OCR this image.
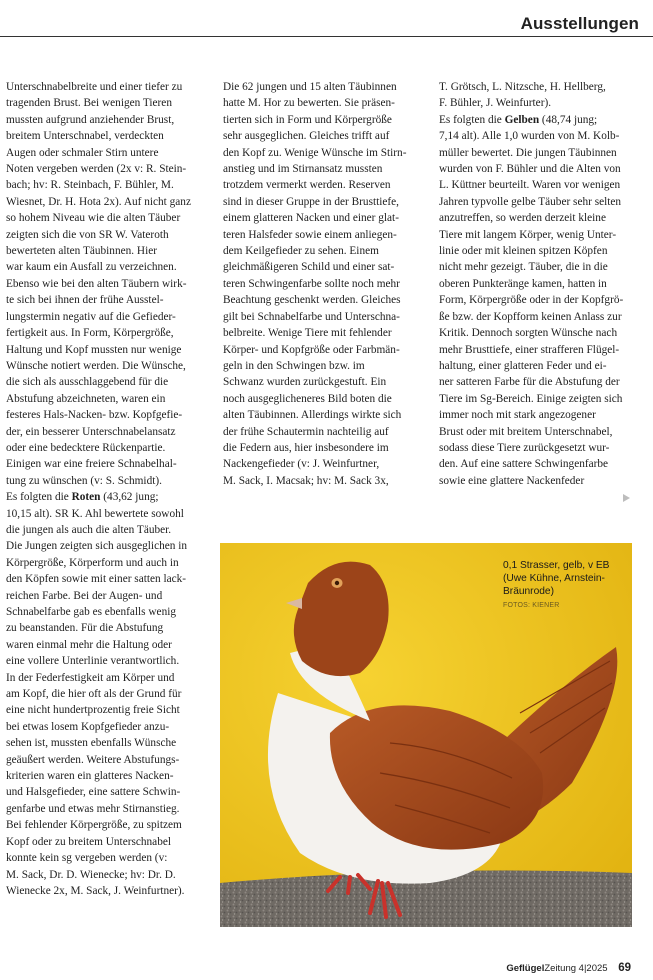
Ausstellungen
Unterschnabelbreite und einer tiefer zu
tragenden Brust. Bei wenigen Tieren
mussten aufgrund anziehender Brust,
breitem Unterschnabel, verdeckten
Augen oder schmaler Stirn untere
Noten vergeben werden (2x v: R. Stein-
bach; hv: R. Steinbach, F. Bühler, M.
Wiesnet, Dr. H. Hota 2x). Auf nicht ganz
so hohem Niveau wie die alten Täuber
zeigten sich die von SR W. Vateroth
bewerteten alten Täubinnen. Hier
war kaum ein Ausfall zu verzeichnen.
Ebenso wie bei den alten Täubern wirk-
te sich bei ihnen der frühe Ausstel-
lungstermin negativ auf die Gefieder-
fertigkeit aus. In Form, Körpergröße,
Haltung und Kopf mussten nur wenige
Wünsche notiert werden. Die Wünsche,
die sich als ausschlaggebend für die
Abstufung abzeichneten, waren ein
festeres Hals-Nacken- bzw. Kopfgefie-
der, ein besserer Unterschnabelansatz
oder eine bedecktere Rückenpartie.
Einigen war eine freiere Schnabelhal-
tung zu wünschen (v: S. Schmidt).
Es folgten die Roten (43,62 jung;
10,15 alt). SR K. Ahl bewertete sowohl
die jungen als auch die alten Täuber.
Die Jungen zeigten sich ausgeglichen in
Körpergröße, Körperform und auch in
den Köpfen sowie mit einer satten lack-
reichen Farbe. Bei der Augen- und
Schnabelfarbe gab es ebenfalls wenig
zu beanstanden. Für die Abstufung
waren einmal mehr die Haltung oder
eine vollere Unterlinie verantwortlich.
In der Federfestigkeit am Körper und
am Kopf, die hier oft als der Grund für
eine nicht hundertprozentig freie Sicht
bei etwas losem Kopfgefieder anzu-
sehen ist, mussten ebenfalls Wünsche
geäußert werden. Weitere Abstufungs-
kriterien waren ein glatteres Nacken-
und Halsgefieder, eine sattere Schwin-
genfarbe und etwas mehr Stirnanstieg.
Bei fehlender Körpergröße, zu spitzem
Kopf oder zu breitem Unterschnabel
konnte kein sg vergeben werden (v:
M. Sack, Dr. D. Wienecke; hv: Dr. D.
Wienecke 2x, M. Sack, J. Weinfurtner).
Die 62 jungen und 15 alten Täubinnen
hatte M. Hor zu bewerten. Sie präsen-
tierten sich in Form und Körpergröße
sehr ausgeglichen. Gleiches trifft auf
den Kopf zu. Wenige Wünsche im Stirn-
anstieg und im Stirnansatz mussten
trotzdem vermerkt werden. Reserven
sind in dieser Gruppe in der Brusttiefe,
einem glatteren Nacken und einer glat-
teren Halsfeder sowie einem anliegen-
dem Keilgefieder zu sehen. Einem
gleichmäßigeren Schild und einer sat-
teren Schwingenfarbe sollte noch mehr
Beachtung geschenkt werden. Gleiches
gilt bei Schnabelfarbe und Unterschna-
belbreite. Wenige Tiere mit fehlender
Körper- und Kopfgröße oder Farbmän-
geln in den Schwingen bzw. im
Schwanz wurden zurückgestuft. Ein
noch ausgeglicheneres Bild boten die
alten Täubinnen. Allerdings wirkte sich
der frühe Schautermin nachteilig auf
die Federn aus, hier insbesondere im
Nackengefieder (v: J. Weinfurtner,
M. Sack, I. Macsak; hv: M. Sack 3x,
T. Grötsch, L. Nitzsche, H. Hellberg,
F. Bühler, J. Weinfurter).
Es folgten die Gelben (48,74 jung;
7,14 alt). Alle 1,0 wurden von M. Kolb-
müller bewertet. Die jungen Täubinnen
wurden von F. Bühler und die Alten von
L. Küttner beurteilt. Waren vor wenigen
Jahren typvolle gelbe Täuber sehr selten
anzutreffen, so werden derzeit kleine
Tiere mit langem Körper, wenig Unter-
linie oder mit kleinen spitzen Köpfen
nicht mehr gezeigt. Täuber, die in die
oberen Punkteränge kamen, hatten in
Form, Körpergröße oder in der Kopfgrö-
ße bzw. der Kopfform keinen Anlass zur
Kritik. Dennoch sorgten Wünsche nach
mehr Brusttiefe, einer strafferen Flügel-
haltung, einer glatteren Feder und ei-
ner satteren Farbe für die Abstufung der
Tiere im Sg-Bereich. Einige zeigten sich
immer noch mit stark angezogener
Brust oder mit breitem Unterschnabel,
sodass diese Tiere zurückgesetzt wur-
den. Auf eine sattere Schwingenfarbe
sowie eine glattere Nackenfeder
0,1 Strasser, gelb, v EB
(Uwe Kühne, Arnstein-
Bräunrode)
FOTOS: KIENER
GeflügelZeitung 4|2025 69
